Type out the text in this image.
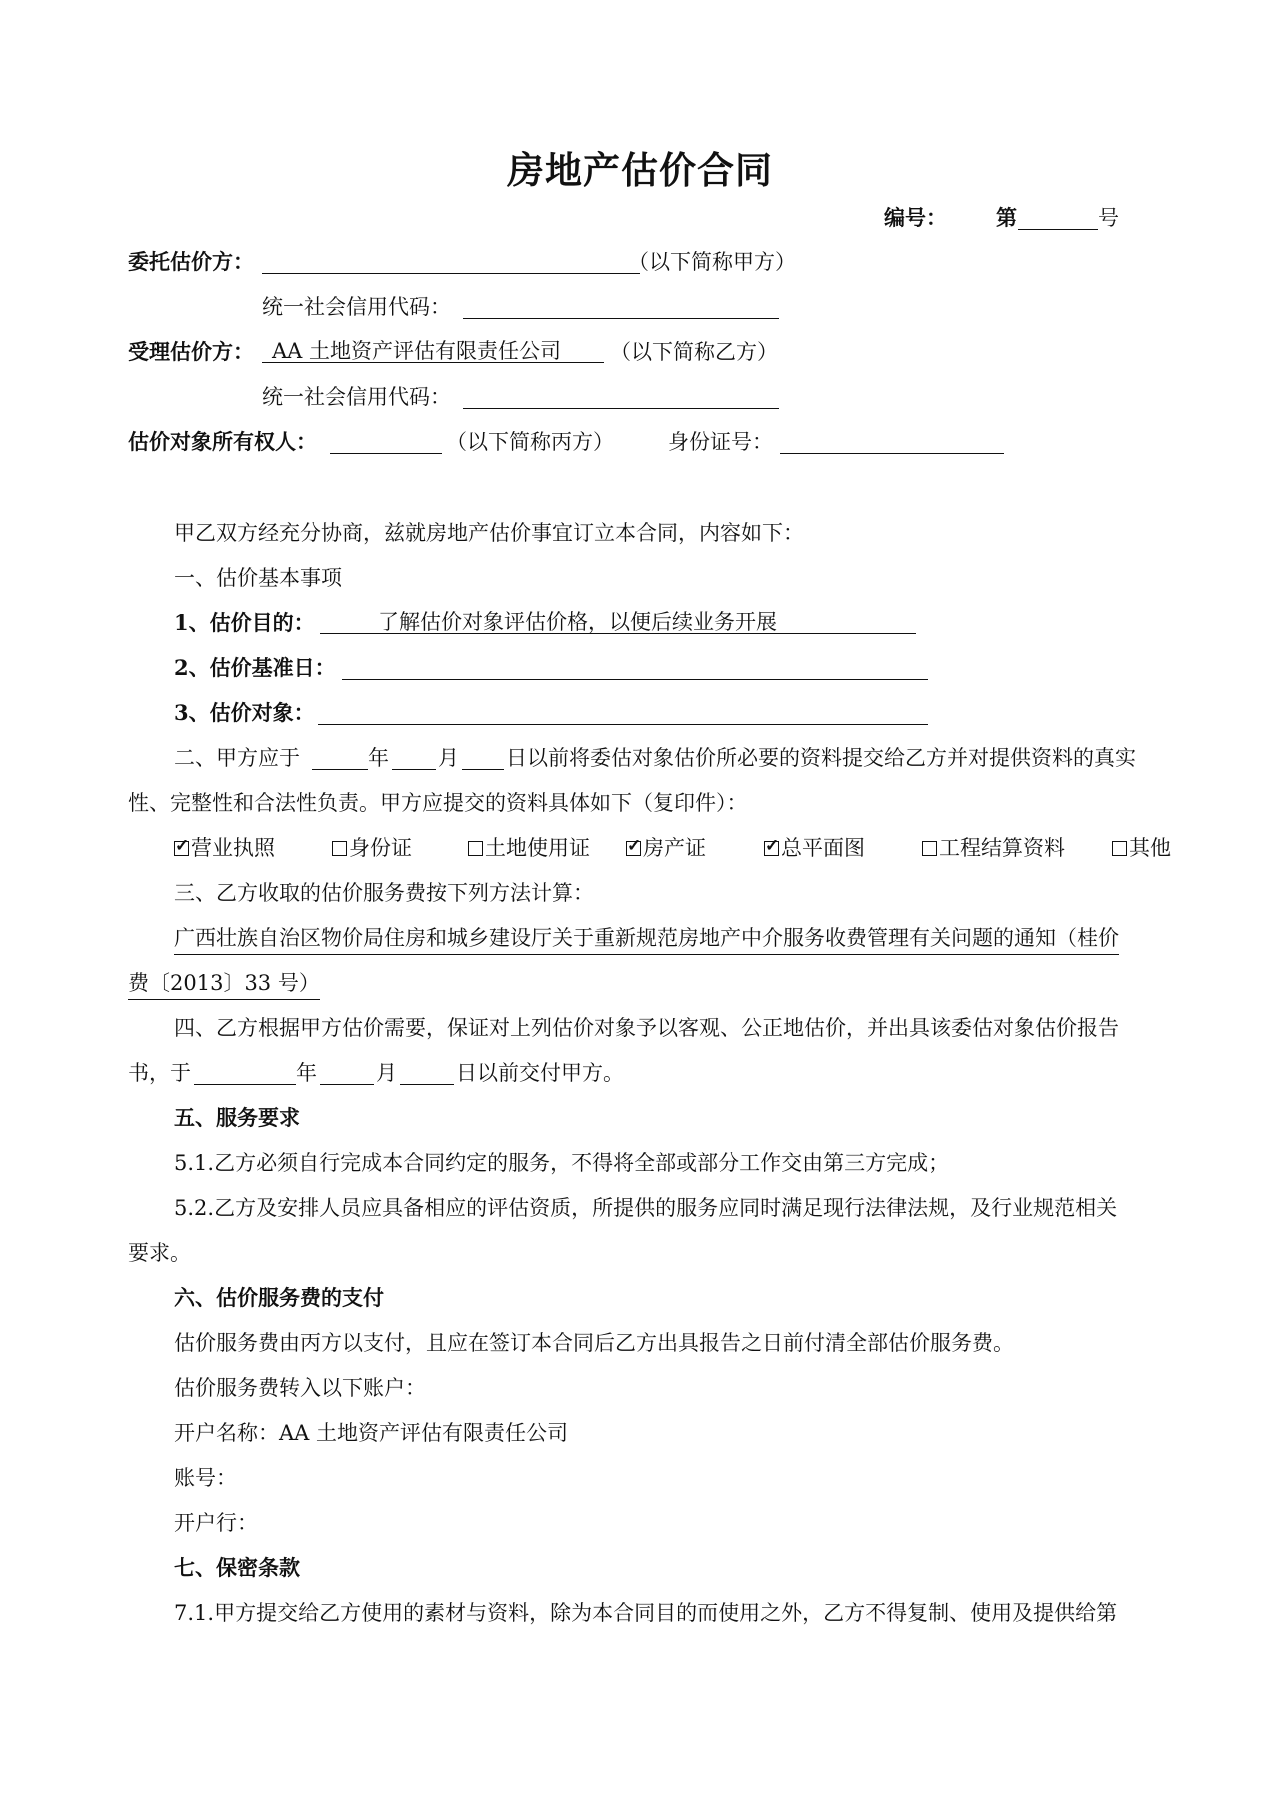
房地产估价合同
编号： 第	号
委托估价方：	（以下简称甲方）
统一社会信用代码：
受理估价方： AA 土地资产评估有限责任公司	（以下简称乙方）
统一社会信用代码：
估价对象所有权人：	（以下简称丙方）	身份证号：
甲乙双方经充分协商，兹就房地产估价事宜订立本合同，内容如下：
一、估价基本事项
1、估价目的：	了解估价对象评估价格，以便后续业务开展
2、估价基准日：
3、估价对象：
二、甲方应于	年 月 日以前将委估对象估价所必要的资料提交给乙方并对提供资料的真实
性、完整性和合法性负责。甲方应提交的资料具体如下（复印件）：
✓营业执照	身份证	土地使用证 ✓	房产证 ✓	总平面图	工程结算资料	其他
三、乙方收取的估价服务费按下列方法计算：
广西壮族自治区物价局住房和城乡建设厅关于重新规范房地产中介服务收费管理有关问题的通知（桂价
费〔2013〕33 号）
四、乙方根据甲方估价需要，保证对上列估价对象予以客观、公正地估价，并出具该委估对象估价报告
书，于	年	月	日以前交付甲方。
五、服务要求
5.1.乙方必须自行完成本合同约定的服务，不得将全部或部分工作交由第三方完成；
5.2.乙方及安排人员应具备相应的评估资质，所提供的服务应同时满足现行法律法规，及行业规范相关
要求。
六、估价服务费的支付
估价服务费由丙方以支付，且应在签订本合同后乙方出具报告之日前付清全部估价服务费。
估价服务费转入以下账户：
开户名称：AA 土地资产评估有限责任公司
账号：
开户行：
七、保密条款
7.1.甲方提交给乙方使用的素材与资料，除为本合同目的而使用之外，乙方不得复制、使用及提供给第
